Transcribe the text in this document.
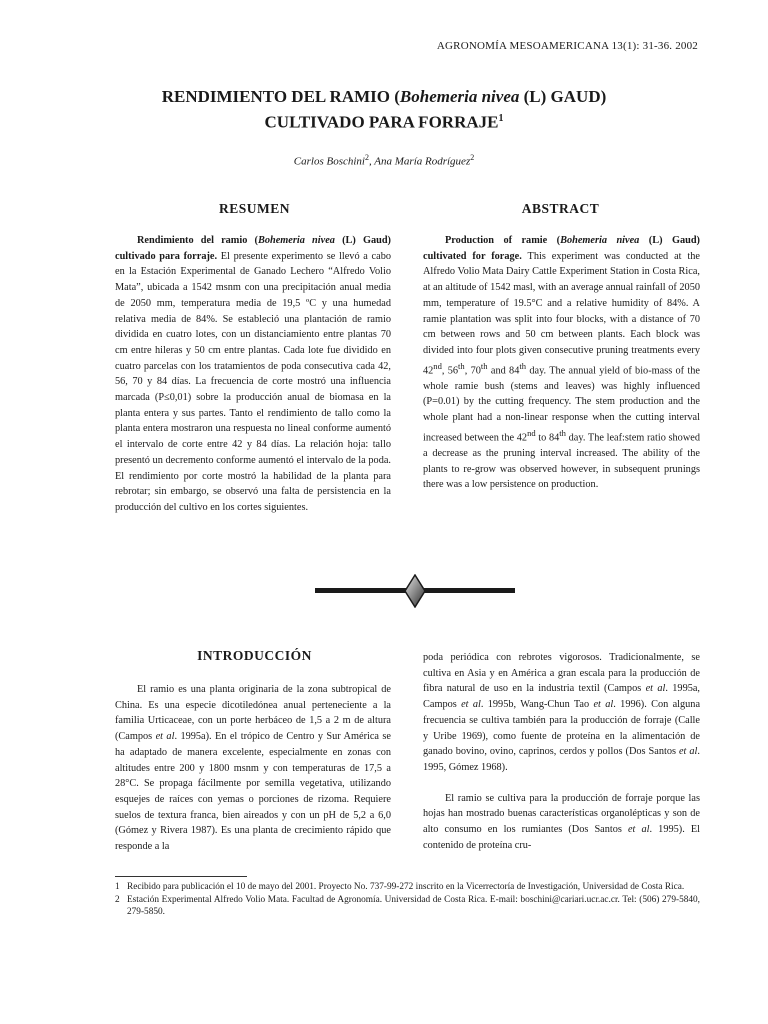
AGRONOMÍA MESOAMERICANA 13(1): 31-36. 2002
RENDIMIENTO DEL RAMIO (Bohemeria nivea (L) GAUD)
CULTIVADO PARA FORRAJE$^1$
Carlos Boschini$^2$, Ana María Rodríguez$^2$
RESUMEN	ABSTRACT

Rendimiento del ramio (Bohemeria nivea (L) Gaud) cultivado para forraje. El presente experimento se llevó a cabo en la Estación Experimental de Ganado Lechero “Alfredo Volio Mata”, ubicada a 1542 msnm con una precipitación anual media de 2050 mm, temperatura media de 19,5 ºC y una humedad relativa media de 84%. Se estableció una plantación de ramio dividida en cuatro lotes, con un distanciamiento entre plantas 70 cm entre hileras y 50 cm entre plantas. Cada lote fue dividido en cuatro parcelas con los tratamientos de poda consecutiva cada 42, 56, 70 y 84 días. La frecuencia de corte mostró una influencia marcada (P≤0,01) sobre la producción anual de biomasa en la planta entera y sus partes. Tanto el rendimiento de tallo como la planta entera mostraron una respuesta no lineal conforme aumentó el intervalo de corte entre 42 y 84 días. La relación hoja: tallo presentó un decremento conforme aumentó el intervalo de la poda. El rendimiento por corte mostró la habilidad de la planta para rebrotar; sin embargo, se observó una falta de persistencia en la producción del cultivo en los cortes siguientes.

Production of ramie (Bohemeria nivea (L) Gaud) cultivated for forage. This experiment was conducted at the Alfredo Volio Mata Dairy Cattle Experiment Station in Costa Rica, at an altitude of 1542 masl, with an average annual rainfall of 2050 mm, temperature of 19.5°C and a relative humidity of 84%. A ramie plantation was split into four blocks, with a distance of 70 cm between rows and 50 cm between plants. Each block was divided into four plots given consecutive pruning treatments every 42nd, 56th, 70th and 84th day. The annual yield of bio-mass of the whole ramie bush (stems and leaves) was highly influenced (P=0.01) by the cutting frequency. The stem production and the whole plant had a non-linear response when the cutting interval increased between the 42nd to 84th day. The leaf:stem ratio showed a decrease as the pruning interval increased. The ability of the plants to re-grow was observed however, in subsequent prunings there was a low persistence on production.

INTRODUCCIÓN

El ramio es una planta originaria de la zona subtropical de China. Es una especie dicotiledónea anual perteneciente a la familia Urticaceae, con un porte herbáceo de 1,5 a 2 m de altura (Campos et al. 1995a). En el trópico de Centro y Sur América se ha adaptado de manera excelente, especialmente en zonas con altitudes entre 200 y 1800 msnm y con temperaturas de 17,5 a 28°C. Se propaga fácilmente por semilla vegetativa, utilizando esquejes de raíces con yemas o porciones de rizoma. Requiere suelos de textura franca, bien aireados y con un pH de 5,2 a 6,0 (Gómez y Rivera 1987). Es una planta de crecimiento rápido que responde a la

poda periódica con rebrotes vigorosos. Tradicionalmente, se cultiva en Asia y en América a gran escala para la producción de fibra natural de uso en la industria textil (Campos et al. 1995a, Campos et al. 1995b, Wang-Chun Tao et al. 1996). Con alguna frecuencia se cultiva también para la producción de forraje (Calle y Uribe 1969), como fuente de proteína en la alimentación de ganado bovino, ovino, caprinos, cerdos y pollos (Dos Santos et al. 1995, Gómez 1968).

El ramio se cultiva para la producción de forraje porque las hojas han mostrado buenas características organolépticas y son de alto consumo en los rumiantes (Dos Santos et al. 1995). El contenido de proteína cru-

1 Recibido para publicación el 10 de mayo del 2001. Proyecto No. 737-99-272 inscrito en la Vicerrectoría de Investigación, Universidad de Costa Rica.

2 Estación Experimental Alfredo Volio Mata. Facultad de Agronomía. Universidad de Costa Rica. E-mail: boschini@cariari.ucr.ac.cr. Tel: (506) 279-5840, 279-5850.
